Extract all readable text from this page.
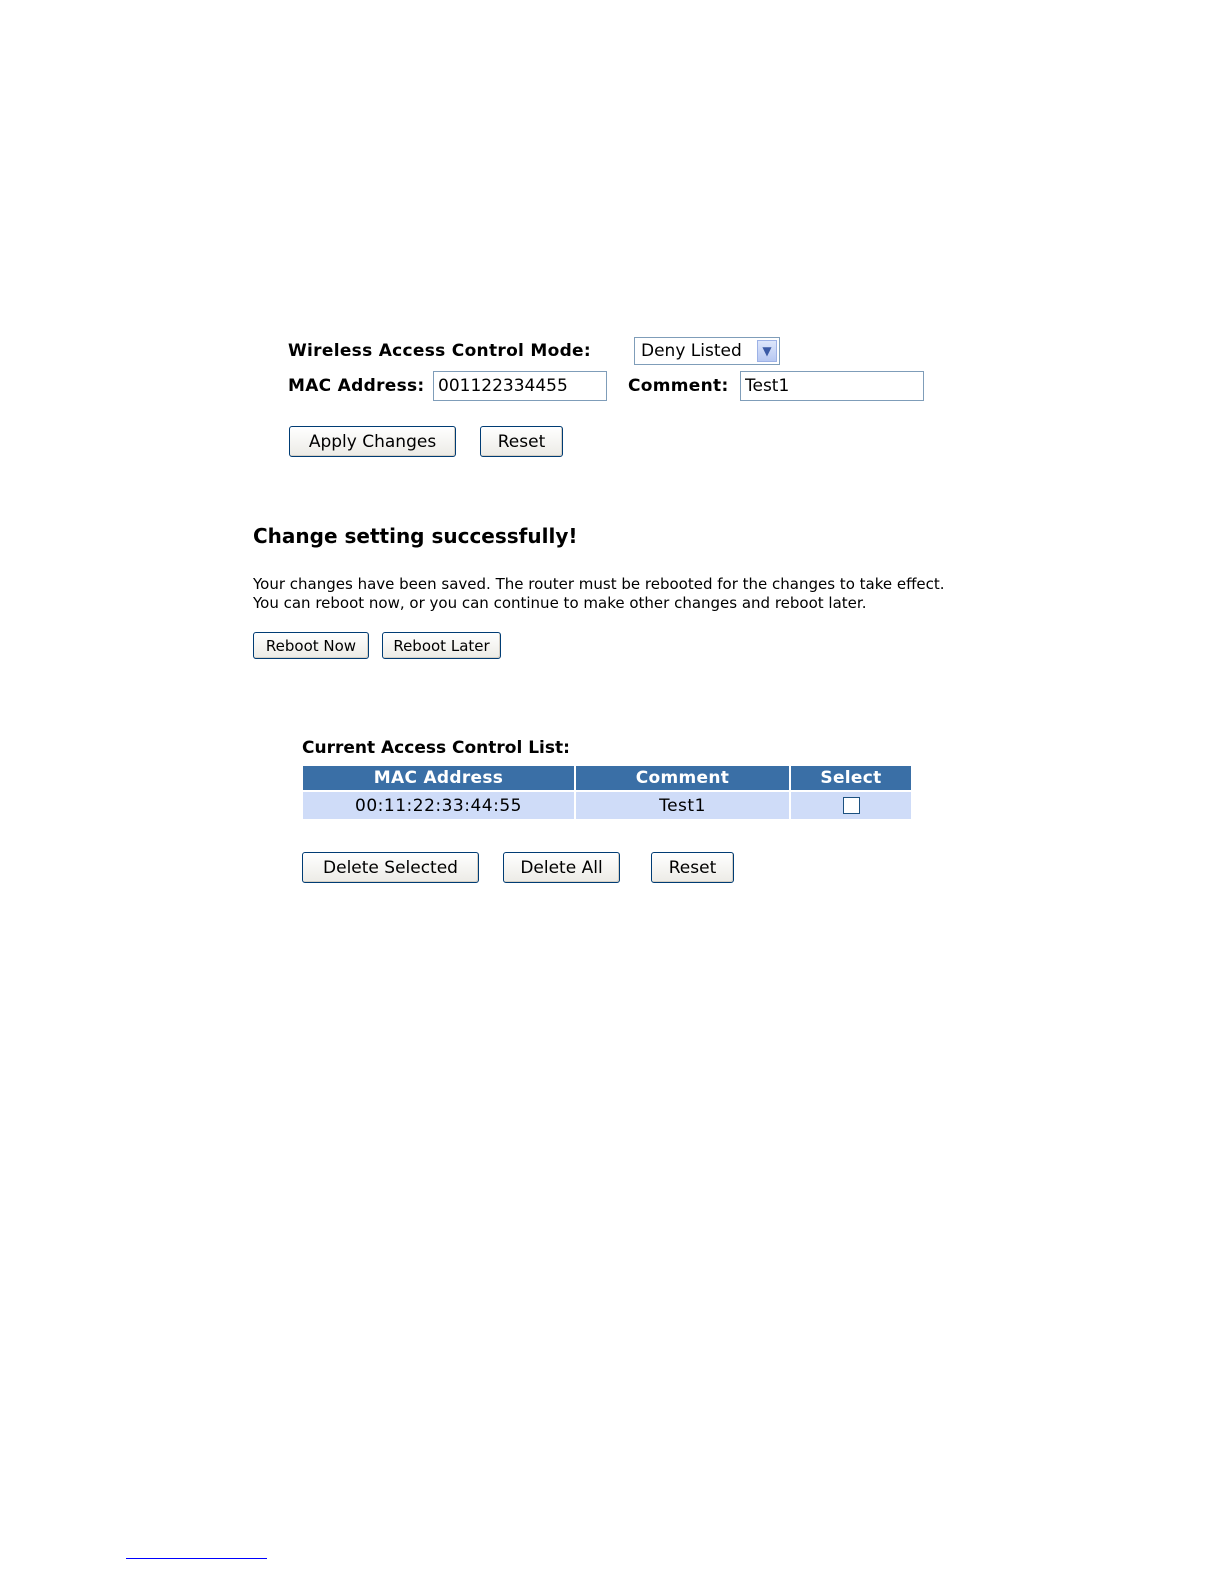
Wireless Access Control Mode:	Deny Listed	▼
MAC Address:
001122334455	Comment:
Test1
Apply Changes	Reset
Change setting successfully!
Your changes have been saved. The router must be rebooted for the changes to take effect.
You can reboot now, or you can continue to make other changes and reboot later.
Reboot Now	Reboot Later
Current Access Control List:
MAC Address	Comment	Select
00:11:22:33:44:55	Test1	
Delete Selected	Delete All	Reset
